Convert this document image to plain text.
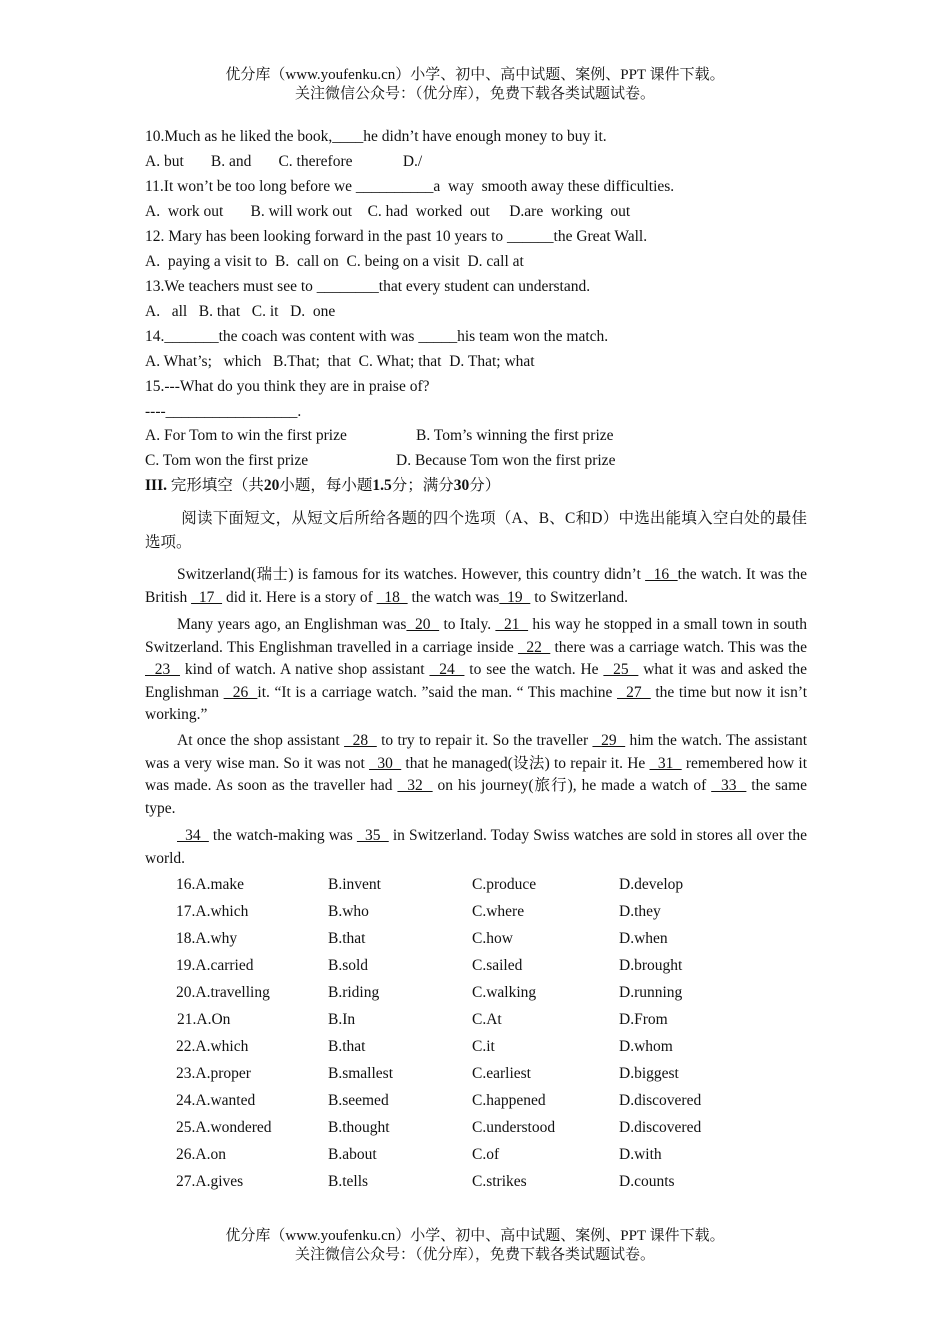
优分库（www.youfenku.cn）小学、初中、高中试题、案例、PPT 课件下载。
关注微信公众号：（优分库），免费下载各类试题试卷。
10.Much as he liked the book,____he didn’t have enough money to buy it.
A. but       B. and       C. therefore             D./
11.It won’t be too long before we __________a  way  smooth away these difficulties.
A.  work out       B. will work out    C. had  worked  out     D.are  working  out
12. Mary has been looking forward in the past 10 years to ______the Great Wall.
A.  paying a visit to  B.  call on  C. being on a visit  D. call at
13.We teachers must see to ________that every student can understand.
A.   all   B. that   C. it   D.  one
14._______the coach was content with was _____his team won the match.
A. What’s;   which   B.That;  that  C. What; that  D. That; what
15.---What do you think they are in praise of?
----_________________.
A. For Tom to win the first prize	B. Tom’s winning the first prize
C. Tom won the first prize	D. Because Tom won the first prize
III. 完形填空（共20小题，每小题1.5分；满分30分）
阅读下面短文，从短文后所给各题的四个选项（A、B、C和D）中选出能填入空白处的最佳选项。
Switzerland(瑞士) is famous for its watches. However, this country didn’t   16  the watch. It was the British   17   did it. Here is a story of   18   the watch was  19   to Switzerland.
Many years ago, an Englishman was  20   to Italy.   21   his way he stopped in a small town in south Switzerland. This Englishman travelled in a carriage inside   22   there was a carriage watch. This was the   23   kind of watch. A native shop assistant   24   to see the watch. He   25   what it was and asked the Englishman   26  it. “It is a carriage watch. ”said the man. “ This machine   27   the time but now it isn’t working.”
At once the shop assistant   28   to try to repair it. So the traveller   29   him the watch. The assistant was a very wise man. So it was not   30   that he managed(设法) to repair it. He   31   remembered how it was made. As soon as the traveller had   32   on his journey(旅行), he made a watch of   33   the same type.
34   the watch-making was   35   in Switzerland. Today Swiss watches are sold in stores all over the world.
16.A.make	B.invent	C.produce	D.develop
17.A.which	B.who	C.where	D.they
18.A.why	B.that	C.how	D.when
19.A.carried	B.sold	C.sailed	D.brought
20.A.travelling	B.riding	C.walking	D.running
21.A.On	B.In	C.At	D.From
22.A.which	B.that	C.it	D.whom
23.A.proper	B.smallest	C.earliest	D.biggest
24.A.wanted	B.seemed	C.happened	D.discovered
25.A.wondered	B.thought	C.understood	D.discovered
26.A.on	B.about	C.of	D.with
27.A.gives	B.tells	C.strikes	D.counts
优分库（www.youfenku.cn）小学、初中、高中试题、案例、PPT 课件下载。
关注微信公众号：（优分库），免费下载各类试题试卷。
